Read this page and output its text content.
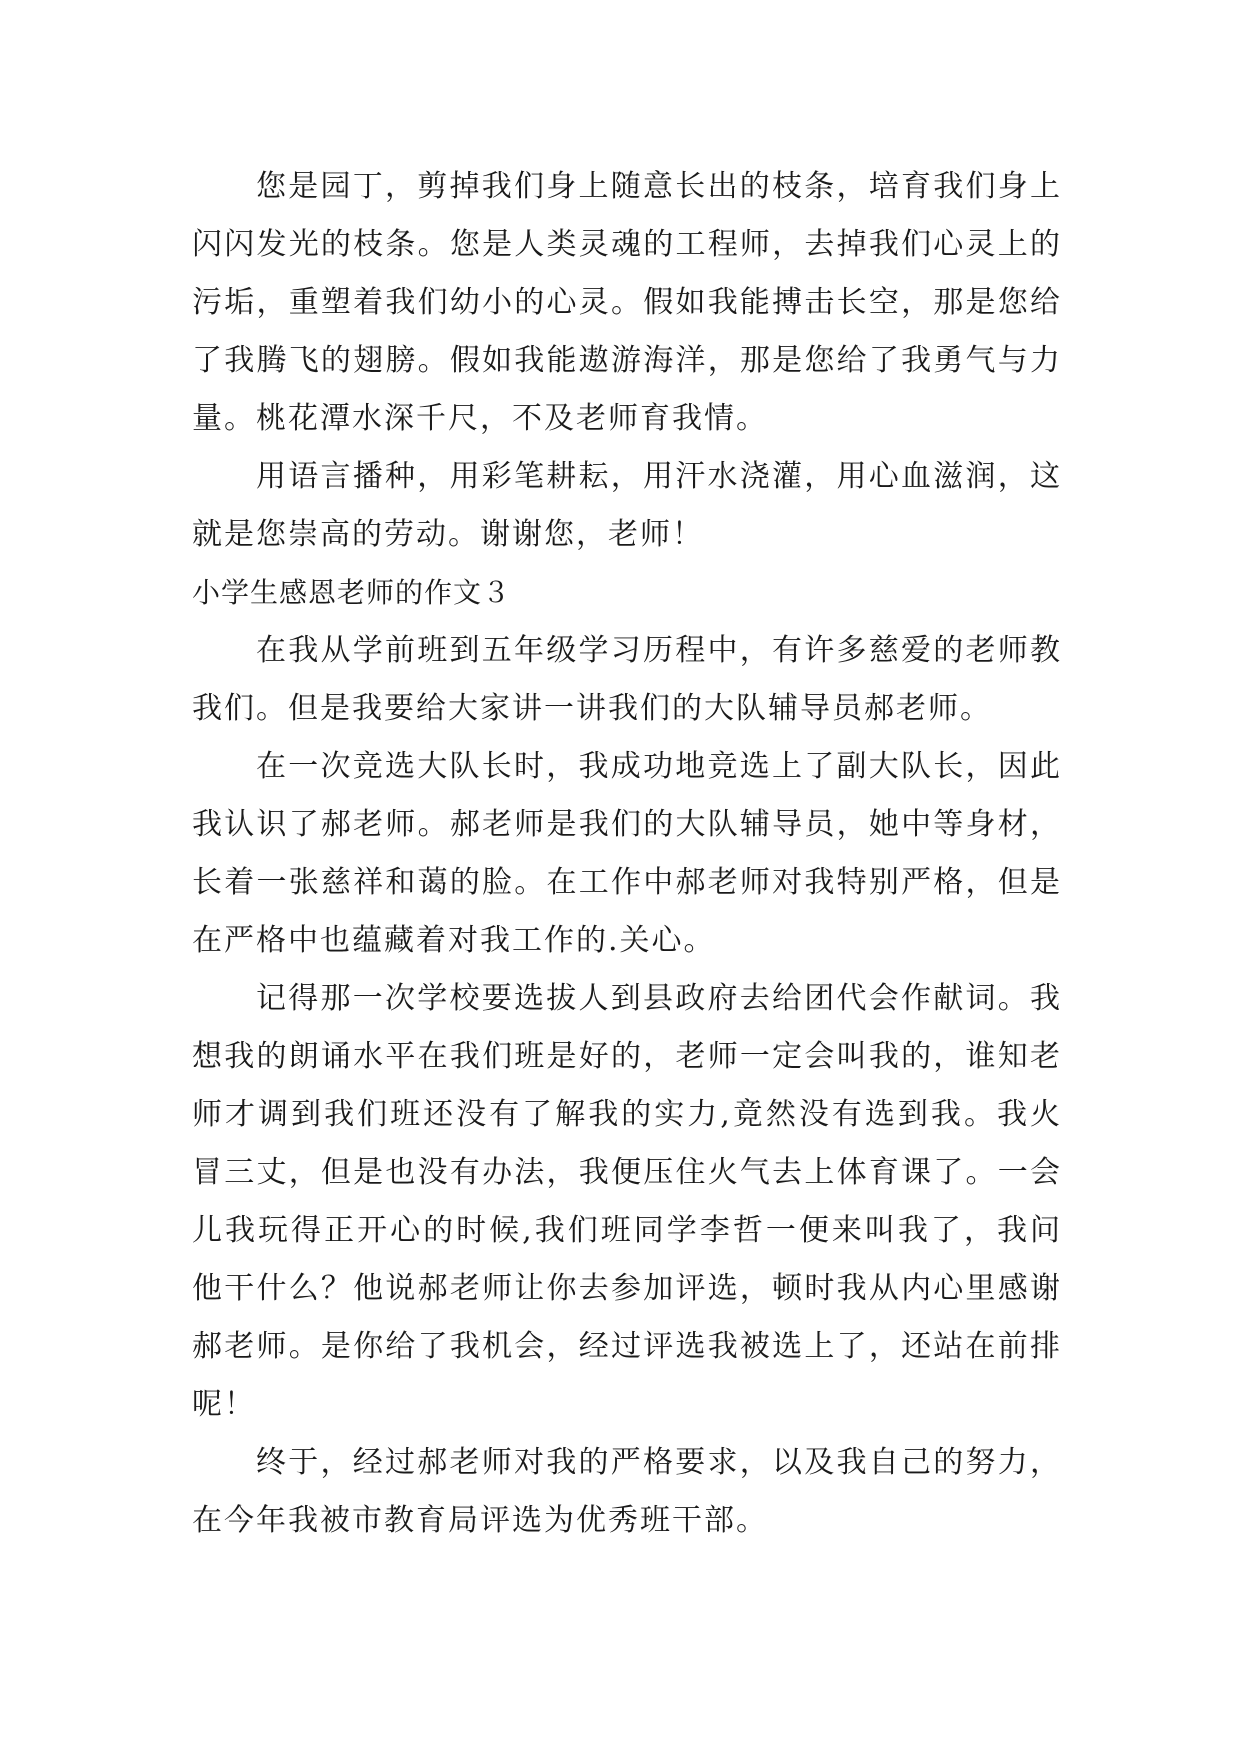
您是园丁，剪掉我们身上随意长出的枝条，培育我们身上闪闪发光的枝条。您是人类灵魂的工程师，去掉我们心灵上的污垢，重塑着我们幼小的心灵。假如我能搏击长空，那是您给了我腾飞的翅膀。假如我能遨游海洋，那是您给了我勇气与力量。桃花潭水深千尺，不及老师育我情。

用语言播种，用彩笔耕耘，用汗水浇灌，用心血滋润，这就是您崇高的劳动。谢谢您，老师！

小学生感恩老师的作文３

在我从学前班到五年级学习历程中，有许多慈爱的老师教我们。但是我要给大家讲一讲我们的大队辅导员郝老师。

在一次竞选大队长时，我成功地竞选上了副大队长，因此我认识了郝老师。郝老师是我们的大队辅导员，她中等身材，长着一张慈祥和蔼的脸。在工作中郝老师对我特别严格，但是在严格中也蕴藏着对我工作的.关心。

记得那一次学校要选拔人到县政府去给团代会作献词。我想我的朗诵水平在我们班是好的，老师一定会叫我的，谁知老师才调到我们班还没有了解我的实力,竟然没有选到我。我火冒三丈，但是也没有办法，我便压住火气去上体育课了。一会儿我玩得正开心的时候,我们班同学李哲一便来叫我了，我问他干什么？他说郝老师让你去参加评选，顿时我从内心里感谢郝老师。是你给了我机会，经过评选我被选上了，还站在前排呢！

终于，经过郝老师对我的严格要求，以及我自己的努力，在今年我被市教育局评选为优秀班干部。
